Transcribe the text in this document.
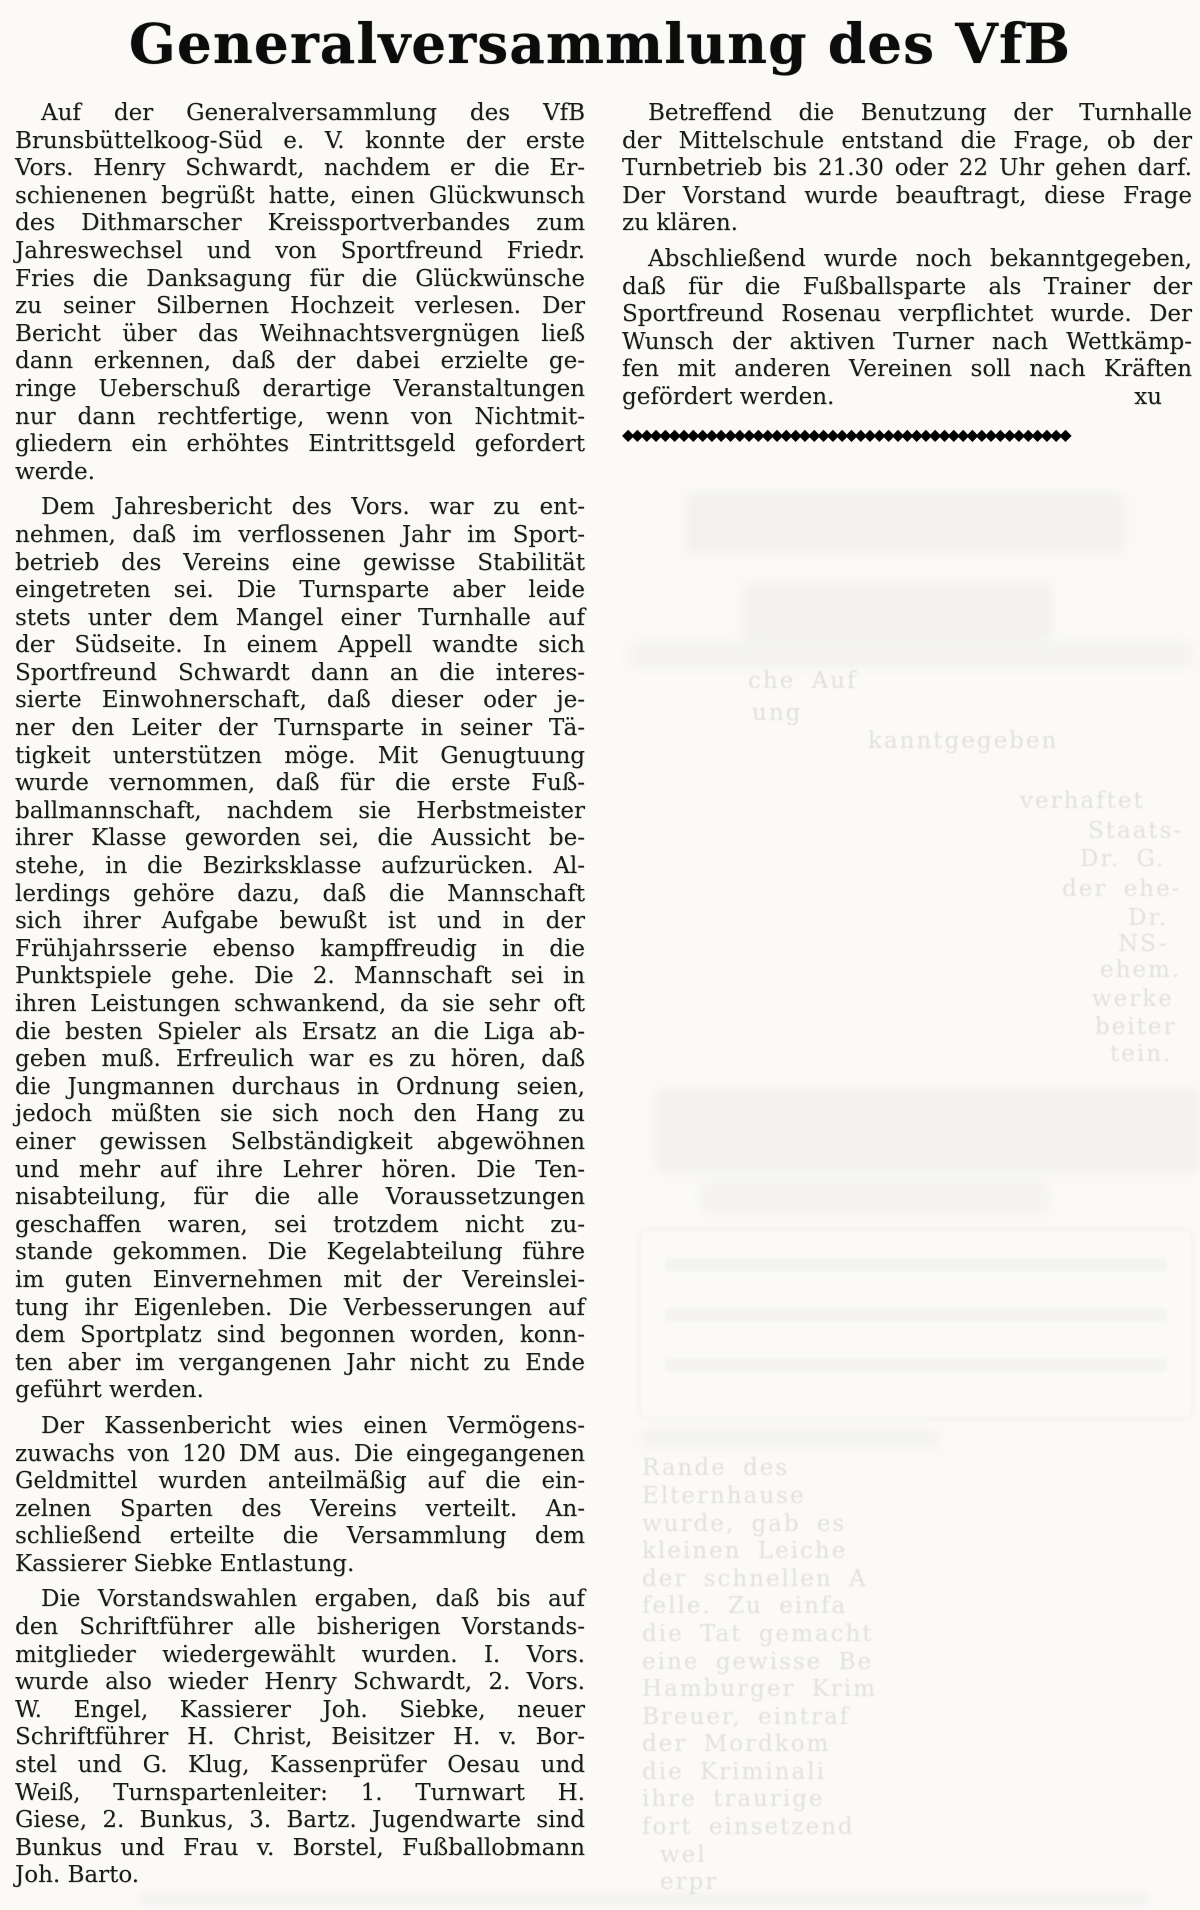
Generalversammlung des VfB
Auf der Generalversammlung des VfB
Brunsbüttelkoog-Süd e. V. konnte der erste
Vors. Henry Schwardt, nachdem er die Er-
schienenen begrüßt hatte, einen Glückwunsch
des Dithmarscher Kreissportverbandes zum
Jahreswechsel und von Sportfreund Friedr.
Fries die Danksagung für die Glückwünsche
zu seiner Silbernen Hochzeit verlesen. Der
Bericht über das Weihnachtsvergnügen ließ
dann erkennen, daß der dabei erzielte ge-
ringe Ueberschuß derartige Veranstaltungen
nur dann rechtfertige, wenn von Nichtmit-
gliedern ein erhöhtes Eintrittsgeld gefordert
werde.
Dem Jahresbericht des Vors. war zu ent-
nehmen, daß im verflossenen Jahr im Sport-
betrieb des Vereins eine gewisse Stabilität
eingetreten sei. Die Turnsparte aber leide
stets unter dem Mangel einer Turnhalle auf
der Südseite. In einem Appell wandte sich
Sportfreund Schwardt dann an die interes-
sierte Einwohnerschaft, daß dieser oder je-
ner den Leiter der Turnsparte in seiner Tä-
tigkeit unterstützen möge. Mit Genugtuung
wurde vernommen, daß für die erste Fuß-
ballmannschaft, nachdem sie Herbstmeister
ihrer Klasse geworden sei, die Aussicht be-
stehe, in die Bezirksklasse aufzurücken. Al-
lerdings gehöre dazu, daß die Mannschaft
sich ihrer Aufgabe bewußt ist und in der
Frühjahrsserie ebenso kampffreudig in die
Punktspiele gehe. Die 2. Mannschaft sei in
ihren Leistungen schwankend, da sie sehr oft
die besten Spieler als Ersatz an die Liga ab-
geben muß. Erfreulich war es zu hören, daß
die Jungmannen durchaus in Ordnung seien,
jedoch müßten sie sich noch den Hang zu
einer gewissen Selbständigkeit abgewöhnen
und mehr auf ihre Lehrer hören. Die Ten-
nisabteilung, für die alle Voraussetzungen
geschaffen waren, sei trotzdem nicht zu-
stande gekommen. Die Kegelabteilung führe
im guten Einvernehmen mit der Vereinslei-
tung ihr Eigenleben. Die Verbesserungen auf
dem Sportplatz sind begonnen worden, konn-
ten aber im vergangenen Jahr nicht zu Ende
geführt werden.
Der Kassenbericht wies einen Vermögens-
zuwachs von 120 DM aus. Die eingegangenen
Geldmittel wurden anteilmäßig auf die ein-
zelnen Sparten des Vereins verteilt. An-
schließend erteilte die Versammlung dem
Kassierer Siebke Entlastung.
Die Vorstandswahlen ergaben, daß bis auf
den Schriftführer alle bisherigen Vorstands-
mitglieder wiedergewählt wurden. I. Vors.
wurde also wieder Henry Schwardt, 2. Vors.
W. Engel, Kassierer Joh. Siebke, neuer
Schriftführer H. Christ, Beisitzer H. v. Bor-
stel und G. Klug, Kassenprüfer Oesau und
Weiß, Turnspartenleiter: 1. Turnwart H.
Giese, 2. Bunkus, 3. Bartz. Jugendwarte sind
Bunkus und Frau v. Borstel, Fußballobmann
Joh. Barto.
Betreffend die Benutzung der Turnhalle
der Mittelschule entstand die Frage, ob der
Turnbetrieb bis 21.30 oder 22 Uhr gehen darf.
Der Vorstand wurde beauftragt, diese Frage
zu klären.
Abschließend wurde noch bekanntgegeben,
daß für die Fußballsparte als Trainer der
Sportfreund Rosenau verpflichtet wurde. Der
Wunsch der aktiven Turner nach Wettkämp-
fen mit anderen Vereinen soll nach Kräften
gefördert werden.	xu
◆◆◆◆◆◆◆◆◆◆◆◆◆◆◆◆◆◆◆◆◆◆◆◆◆◆◆◆◆◆◆◆◆◆◆◆◆◆◆◆◆◆◆◆◆◆◆◆
che Auf
ung
kanntgegeben
verhaftet
Staats-
Dr. G.
der ehe-
Dr.
NS-
ehem.
werke
beiter
tein.
Rande des
Elternhause
wurde, gab es
kleinen Leiche
der schnellen A
felle. Zu einfa
die Tat gemacht
eine gewisse Be
Hamburger Krim
Breuer, eintraf
der Mordkom
die Kriminali
ihre traurige
fort einsetzend
wel
erpr
